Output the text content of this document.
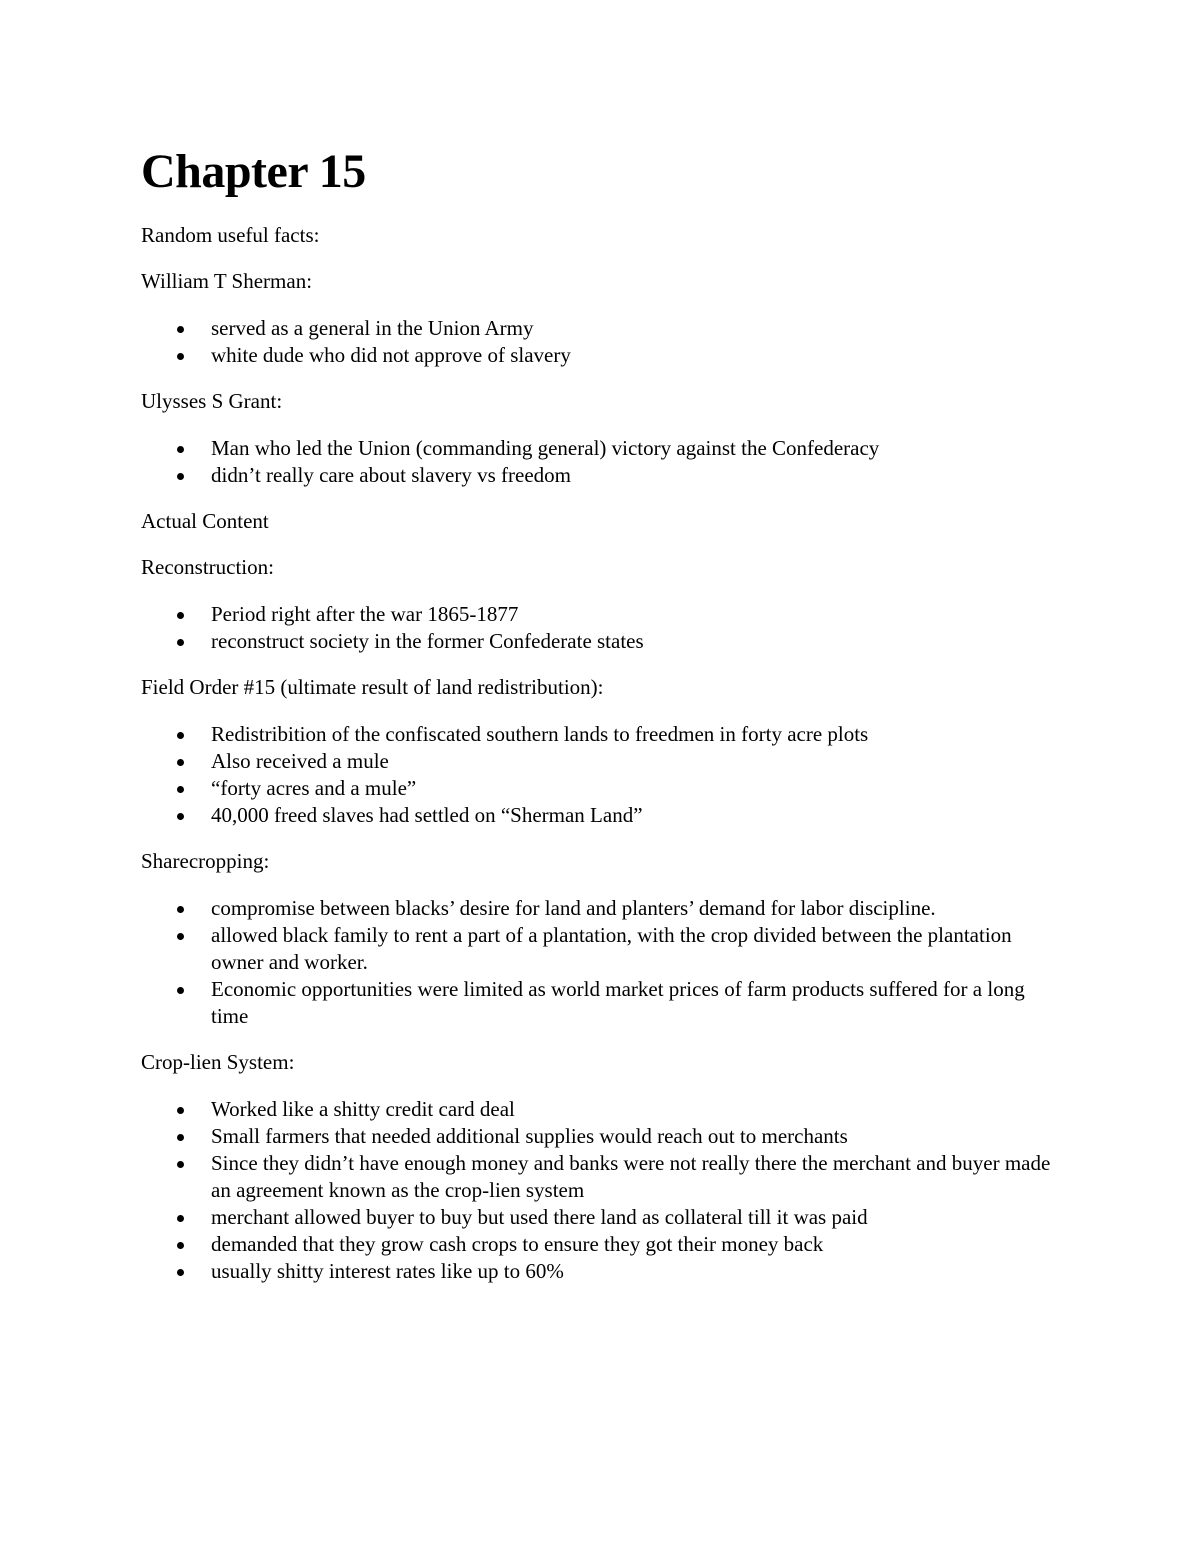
Chapter 15

Random useful facts:

William T Sherman:

served as a general in the Union Army
white dude who did not approve of slavery

Ulysses S Grant:

Man who led the Union (commanding general) victory against the Confederacy
didn’t really care about slavery vs freedom

Actual Content

Reconstruction:

Period right after the war 1865-1877
reconstruct society in the former Confederate states

Field Order #15 (ultimate result of land redistribution):

Redistribition of the confiscated southern lands to freedmen in forty acre plots
Also received a mule
“forty acres and a mule”
40,000 freed slaves had settled on “Sherman Land”

Sharecropping:

compromise between blacks’ desire for land and planters’ demand for labor discipline.
allowed black family to rent a part of a plantation, with the crop divided between the plantation owner and worker.
Economic opportunities were limited as world market prices of farm products suffered for a long time

Crop-lien System:

Worked like a shitty credit card deal
Small farmers that needed additional supplies would reach out to merchants
Since they didn’t have enough money and banks were not really there the merchant and buyer made an agreement known as the crop-lien system
merchant allowed buyer to buy but used there land as collateral till it was paid
demanded that they grow cash crops to ensure they got their money back
usually shitty interest rates like up to 60%
